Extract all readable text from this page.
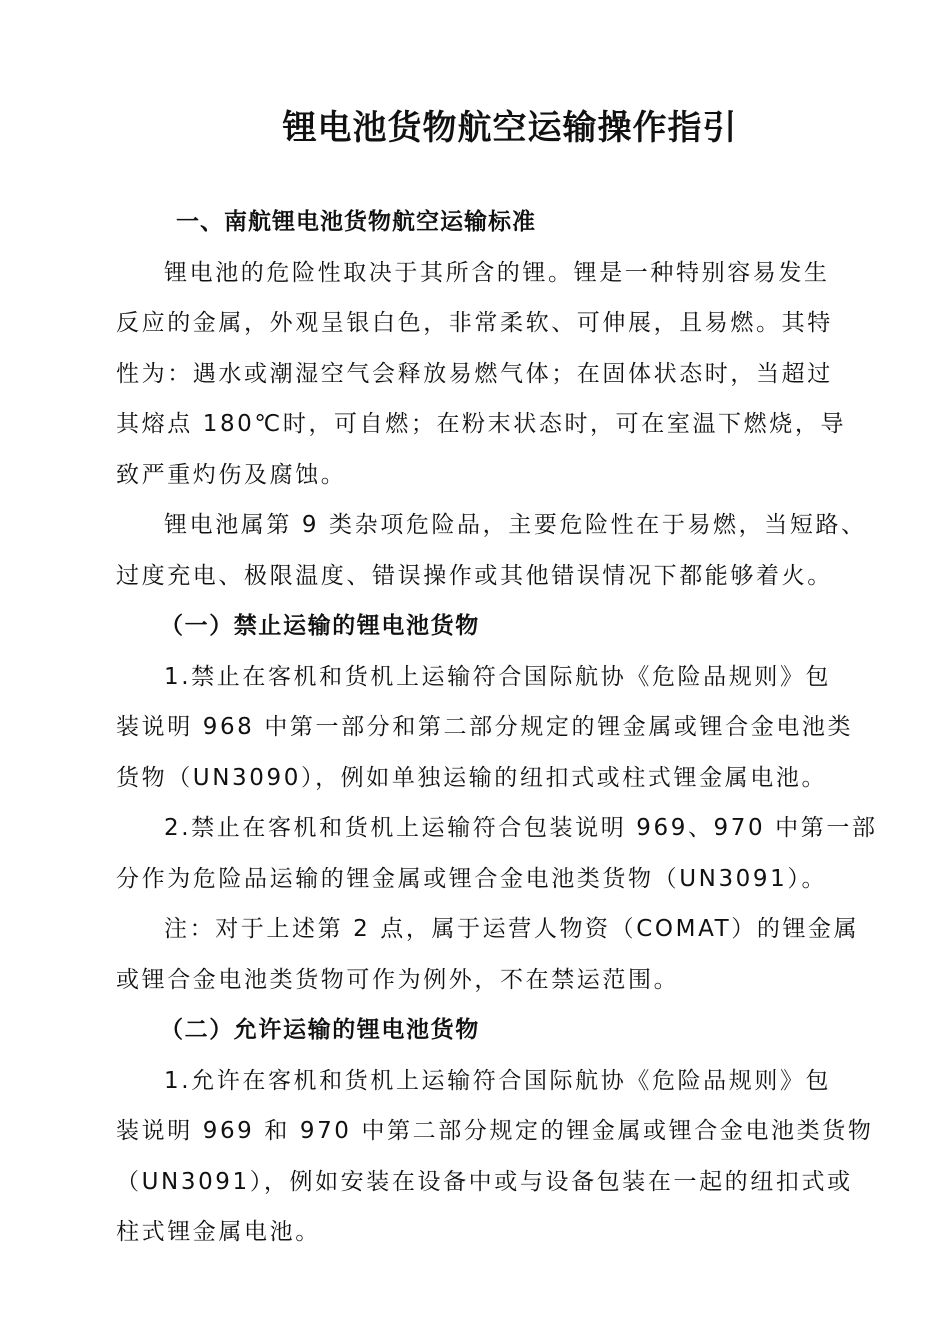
锂电池货物航空运输操作指引
一、南航锂电池货物航空运输标准
锂电池的危险性取决于其所含的锂。锂是一种特别容易发生
反应的金属，外观呈银白色，非常柔软、可伸展，且易燃。其特
性为：遇水或潮湿空气会释放易燃气体；在固体状态时，当超过
其熔点 180℃时，可自燃；在粉末状态时，可在室温下燃烧，导
致严重灼伤及腐蚀。
锂电池属第 9 类杂项危险品，主要危险性在于易燃，当短路、
过度充电、极限温度、错误操作或其他错误情况下都能够着火。
（一）禁止运输的锂电池货物
1.禁止在客机和货机上运输符合国际航协《危险品规则》包
装说明 968 中第一部分和第二部分规定的锂金属或锂合金电池类
货物（UN3090），例如单独运输的纽扣式或柱式锂金属电池。
2.禁止在客机和货机上运输符合包装说明 969、970 中第一部
分作为危险品运输的锂金属或锂合金电池类货物（UN3091）。
注：对于上述第 2 点，属于运营人物资（COMAT）的锂金属
或锂合金电池类货物可作为例外，不在禁运范围。
（二）允许运输的锂电池货物
1.允许在客机和货机上运输符合国际航协《危险品规则》包
装说明 969 和 970 中第二部分规定的锂金属或锂合金电池类货物
（UN3091），例如安装在设备中或与设备包装在一起的纽扣式或
柱式锂金属电池。
